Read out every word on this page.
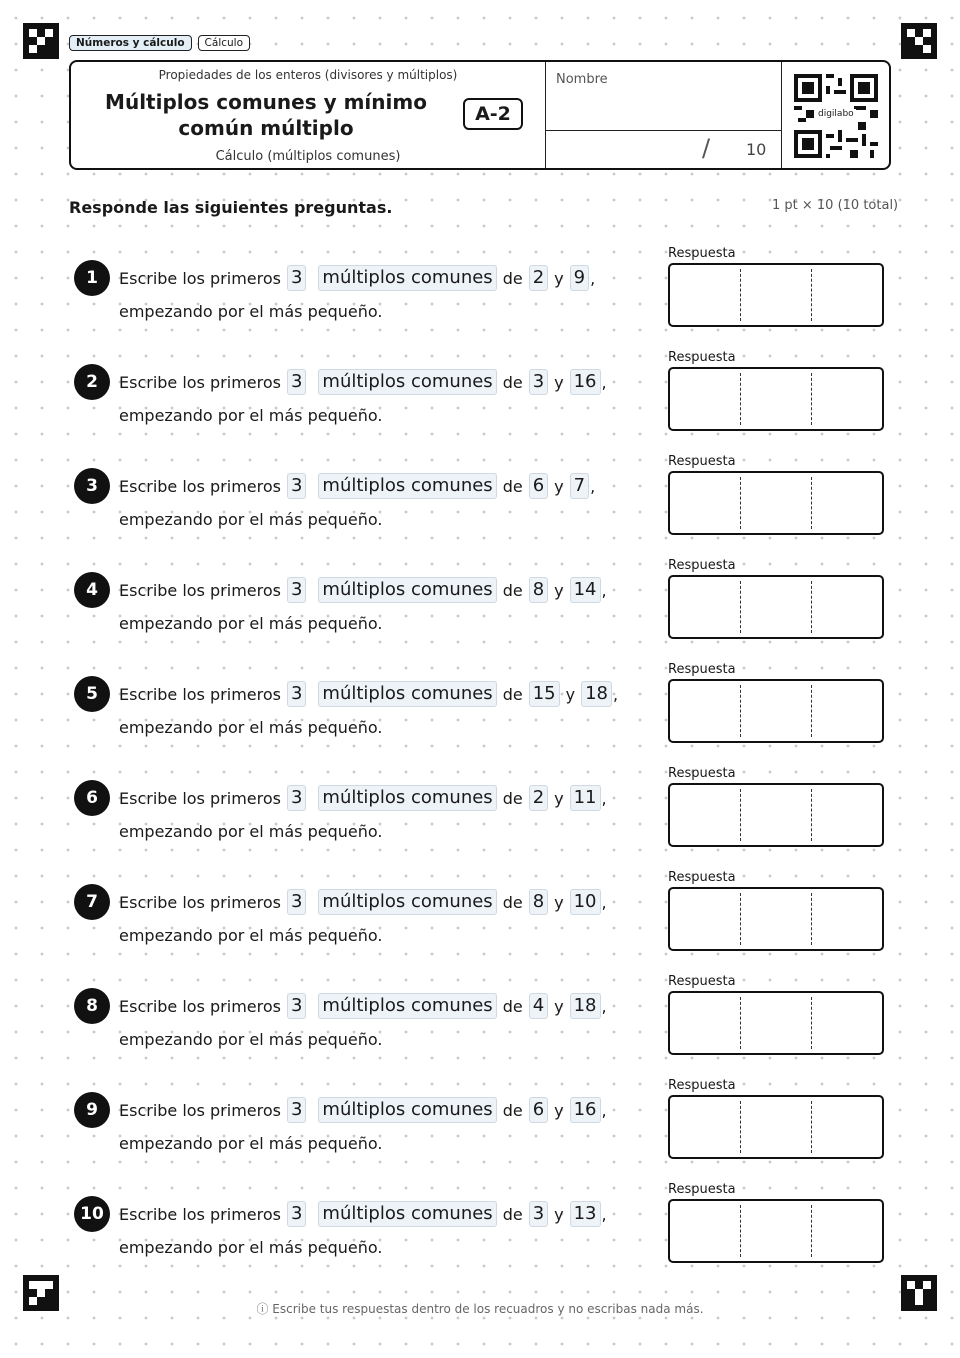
Números y cálculo	Cálculo
Propiedades de los enteros (divisores y múltiplos)
Múltiplos comunes y mínimo común múltiplo
A-2
Cálculo (múltiplos comunes)
Nombre
/ 10
digilabo
Responde las siguientes preguntas.	1 pt × 10 (10 total)
1	Escribe los primeros 3 múltiplos comunes de 2 y 9 ,
empezando por el más pequeño.
Respuesta
2	Escribe los primeros 3 múltiplos comunes de 3 y 16 ,
empezando por el más pequeño.
Respuesta
3	Escribe los primeros 3 múltiplos comunes de 6 y 7 ,
empezando por el más pequeño.
Respuesta
4	Escribe los primeros 3 múltiplos comunes de 8 y 14 ,
empezando por el más pequeño.
Respuesta
5	Escribe los primeros 3 múltiplos comunes de 15 y 18 ,
empezando por el más pequeño.
Respuesta
6	Escribe los primeros 3 múltiplos comunes de 2 y 11 ,
empezando por el más pequeño.
Respuesta
7	Escribe los primeros 3 múltiplos comunes de 8 y 10 ,
empezando por el más pequeño.
Respuesta
8	Escribe los primeros 3 múltiplos comunes de 4 y 18 ,
empezando por el más pequeño.
Respuesta
9	Escribe los primeros 3 múltiplos comunes de 6 y 16 ,
empezando por el más pequeño.
Respuesta
10 Escribe los primeros 3 múltiplos comunes de 3 y 13 ,
empezando por el más pequeño.
Respuesta
ⓘ Escribe tus respuestas dentro de los recuadros y no escribas nada más.
